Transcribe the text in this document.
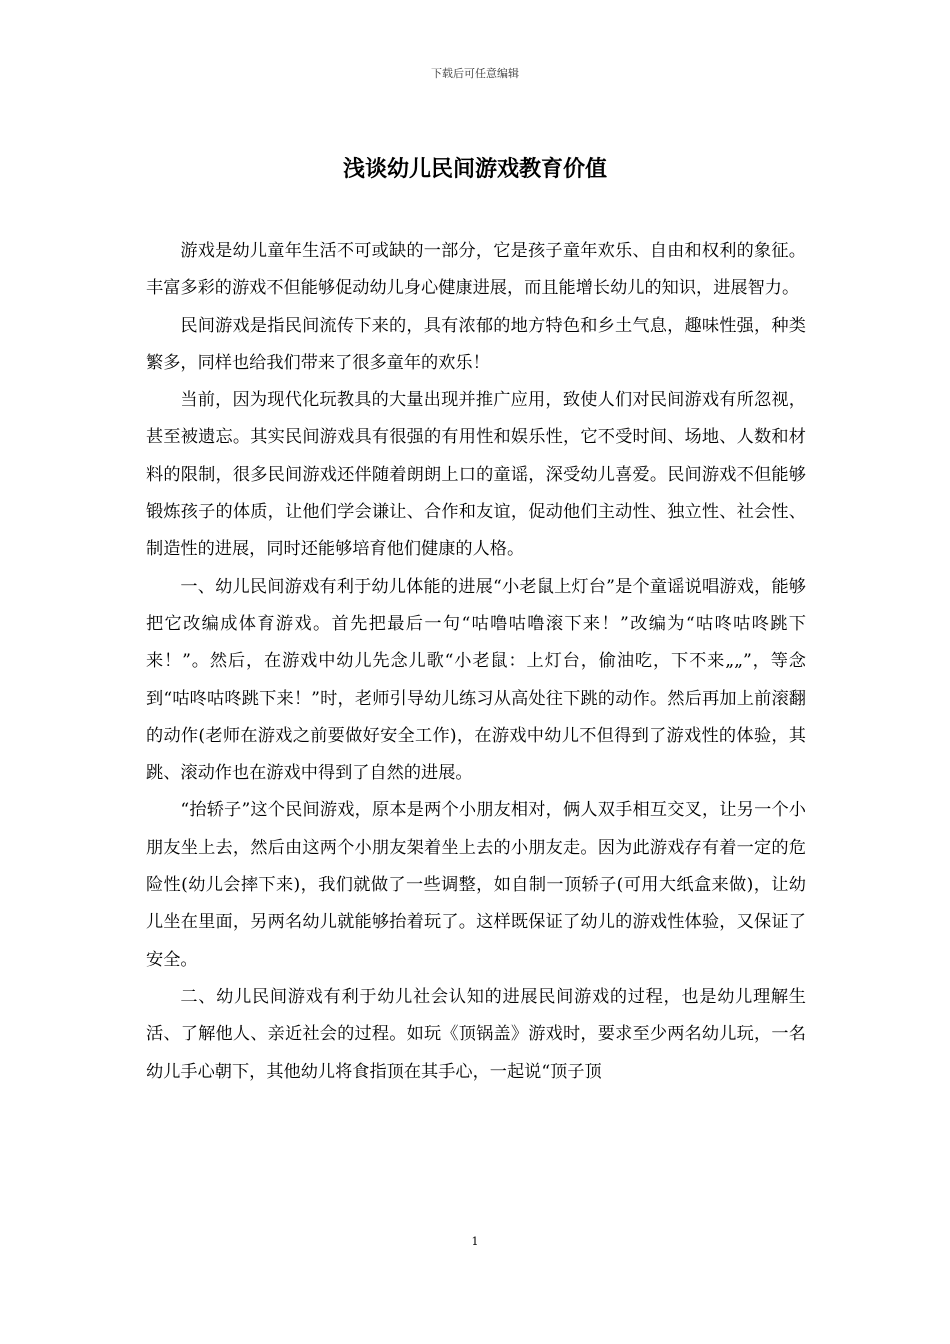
下载后可任意编辑
浅谈幼儿民间游戏教育价值

游戏是幼儿童年生活不可或缺的一部分，它是孩子童年欢乐、自由和权利的象征。丰富多彩的游戏不但能够促动幼儿身心健康进展，而且能增长幼儿的知识，进展智力。

民间游戏是指民间流传下来的，具有浓郁的地方特色和乡土气息，趣味性强，种类繁多，同样也给我们带来了很多童年的欢乐！

当前，因为现代化玩教具的大量出现并推广应用，致使人们对民间游戏有所忽视，甚至被遗忘。其实民间游戏具有很强的有用性和娱乐性，它不受时间、场地、人数和材料的限制，很多民间游戏还伴随着朗朗上口的童谣，深受幼儿喜爱。民间游戏不但能够锻炼孩子的体质，让他们学会谦让、合作和友谊，促动他们主动性、独立性、社会性、制造性的进展，同时还能够培育他们健康的人格。

一、幼儿民间游戏有利于幼儿体能的进展“小老鼠上灯台”是个童谣说唱游戏，能够把它改编成体育游戏。首先把最后一句“咕噜咕噜滚下来！”改编为“咕咚咕咚跳下来！”。然后，在游戏中幼儿先念儿歌“小老鼠：上灯台，偷油吃，下不来„„”，等念到“咕咚咕咚跳下来！”时，老师引导幼儿练习从高处往下跳的动作。然后再加上前滚翻的动作(老师在游戏之前要做好安全工作)，在游戏中幼儿不但得到了游戏性的体验，其跳、滚动作也在游戏中得到了自然的进展。

“抬轿子”这个民间游戏，原本是两个小朋友相对，俩人双手相互交叉，让另一个小朋友坐上去，然后由这两个小朋友架着坐上去的小朋友走。因为此游戏存有着一定的危险性(幼儿会摔下来)，我们就做了一些调整，如自制一顶轿子(可用大纸盒来做)，让幼儿坐在里面，另两名幼儿就能够抬着玩了。这样既保证了幼儿的游戏性体验，又保证了安全。

二、幼儿民间游戏有利于幼儿社会认知的进展民间游戏的过程，也是幼儿理解生活、了解他人、亲近社会的过程。如玩《顶锅盖》游戏时，要求至少两名幼儿玩，一名幼儿手心朝下，其他幼儿将食指顶在其手心，一起说“顶子顶

1
